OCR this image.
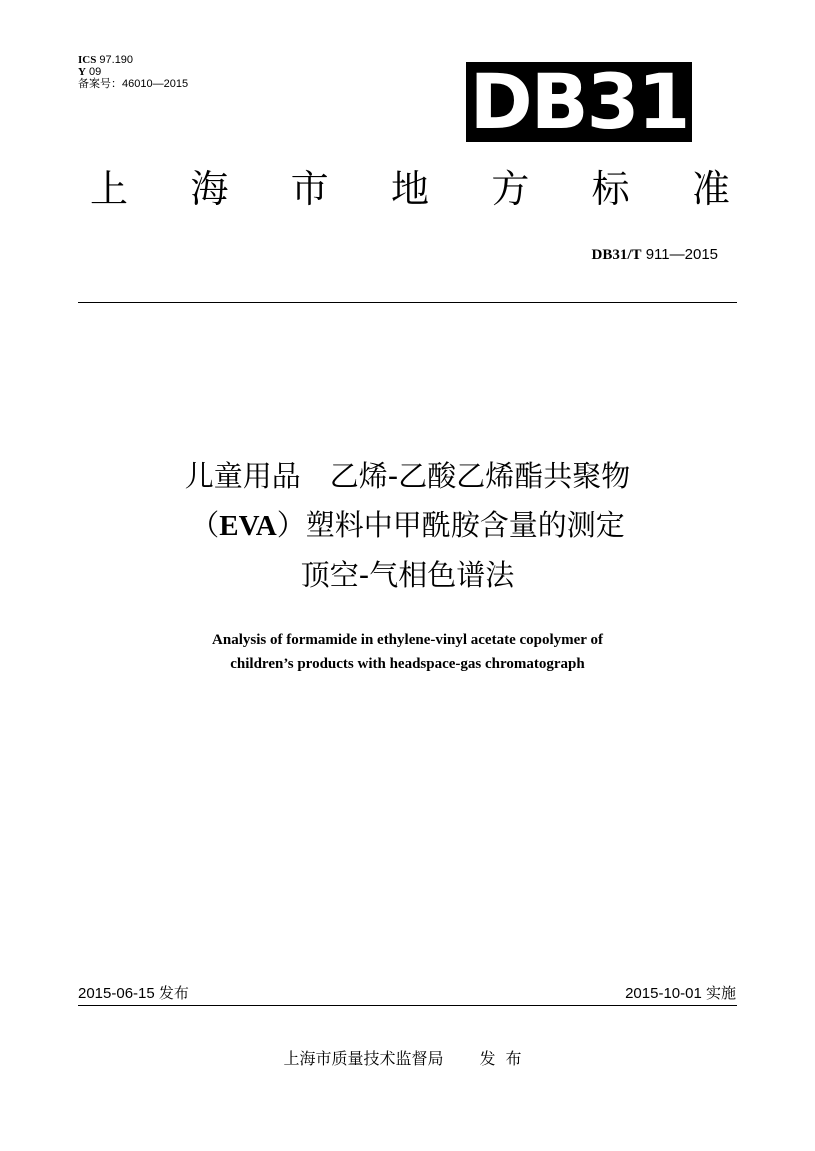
ICS 97.190
Y 09
备案号：46010—2015	DB31
上 海 市 地 方 标 准
DB31/T 911—2015
儿童用品　乙烯-乙酸乙烯酯共聚物
（EVA）塑料中甲酰胺含量的测定
顶空-气相色谱法
Analysis of formamide in ethylene-vinyl acetate copolymer of
children’s products with headspace-gas chromatograph
2015-06-15 发布	2015-10-01 实施
上海市质量技术监督局 发布
